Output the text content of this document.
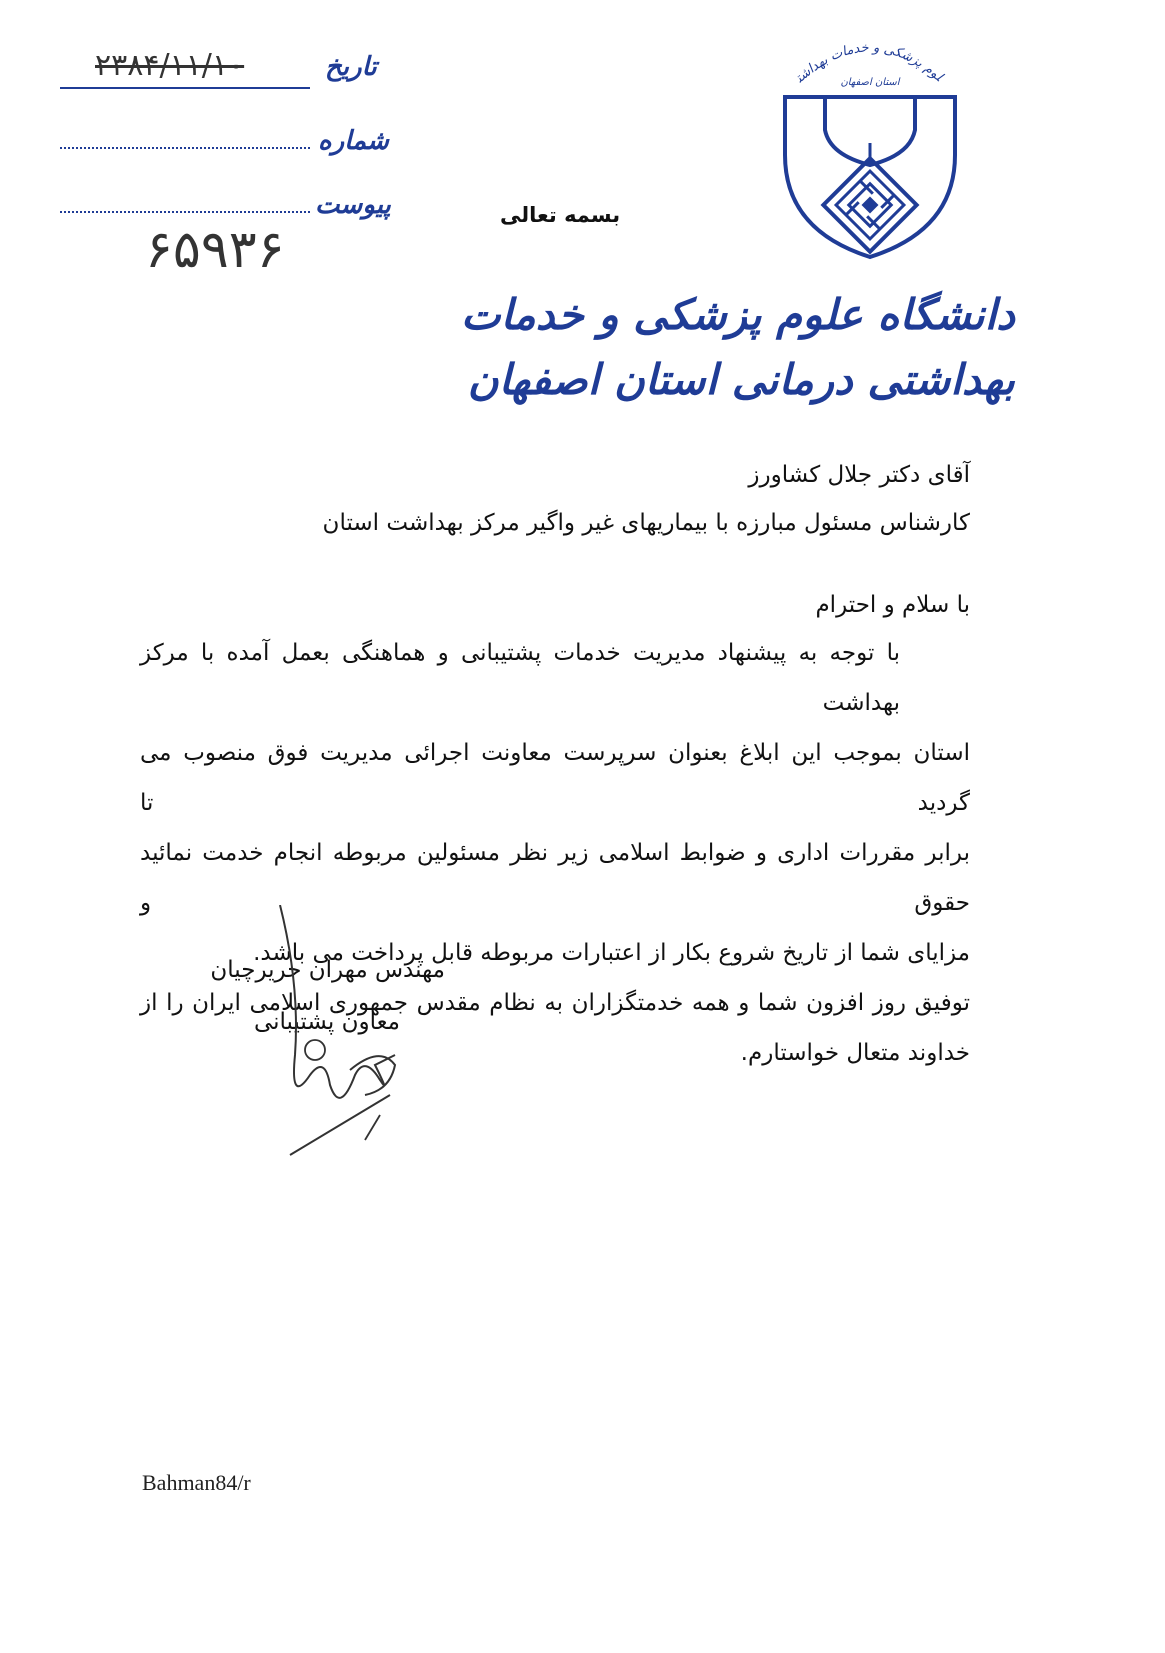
تاریخ
۲۳۸۴/۱۱/۱۰
شماره
پیوست
۶۵۹۳۶
بسمه تعالی
لوم پزشکی و خدمات بهداشت	استان اصفهان
دانشگاه علوم پزشکی و خدمات
بهداشتی درمانی استان اصفهان
آقای دکتر جلال کشاورز
کارشناس مسئول مبارزه با بیماریهای غیر واگیر مرکز بهداشت استان
با سلام و احترام
با توجه به پیشنهاد مدیریت خدمات پشتیبانی و هماهنگی بعمل آمده با مرکز بهداشت
استان بموجب این ابلاغ بعنوان سرپرست معاونت اجرائی مدیریت فوق منصوب می گردید تا
برابر مقررات اداری و ضوابط اسلامی زیر نظر مسئولین مربوطه انجام خدمت نمائید حقوق و
مزایای شما از تاریخ شروع بکار از اعتبارات مربوطه قابل پرداخت می باشد.
توفیق روز افزون شما و همه خدمتگزاران به نظام مقدس جمهوری اسلامی ایران را از
خداوند متعال خواستارم.
مهندس مهران حریرچیان
معاون پشتیبانی
Bahman84/r
